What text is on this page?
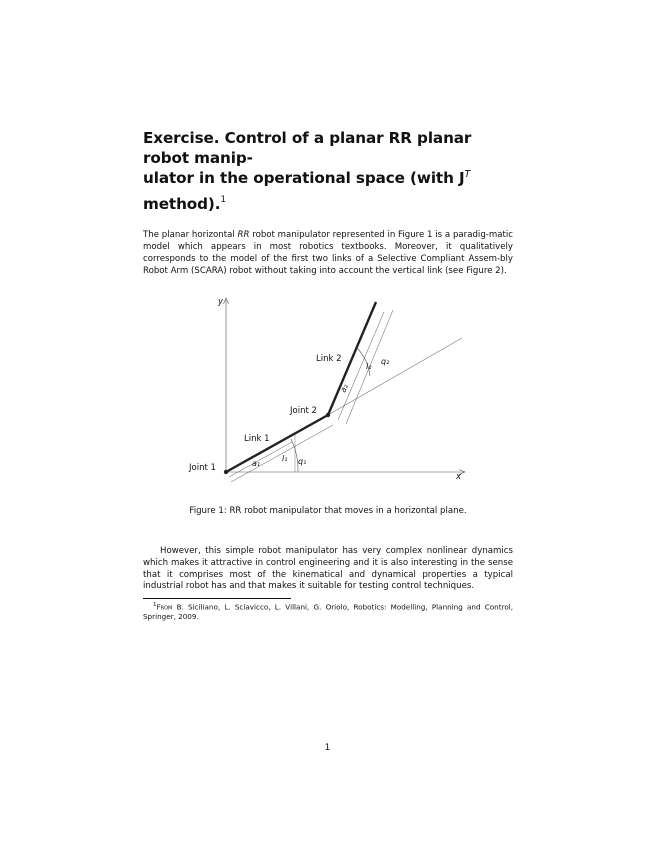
Exercise. Control of a planar RR planar robot manip-
ulator in the operational space (with $J^T$ method).$^1$

The planar horizontal RR robot manipulator represented in Figure 1 is a paradig-matic model which appears in most robotics textbooks. Moreover, it qualitatively corresponds to the model of the first two links of a Selective Compliant Assem-bly Robot Arm (SCARA) robot without taking into account the vertical link (see Figure 2).

y
x
q₁
a₁
l₁
a₂
l₂
q₂
Joint 1
Joint 2
Link 1
Link 2

Figure 1: RR robot manipulator that moves in a horizontal plane.

However, this simple robot manipulator has very complex nonlinear dynamics which makes it attractive in control engineering and it is also interesting in the sense that it comprises most of the kinematical and dynamical properties a typical industrial robot has and that makes it suitable for testing control techniques.

$^1$From B. Siciliano, L. Sciavicco, L. Villani, G. Oriolo, Robotics: Modelling, Planning and Control, Springer, 2009.

1
